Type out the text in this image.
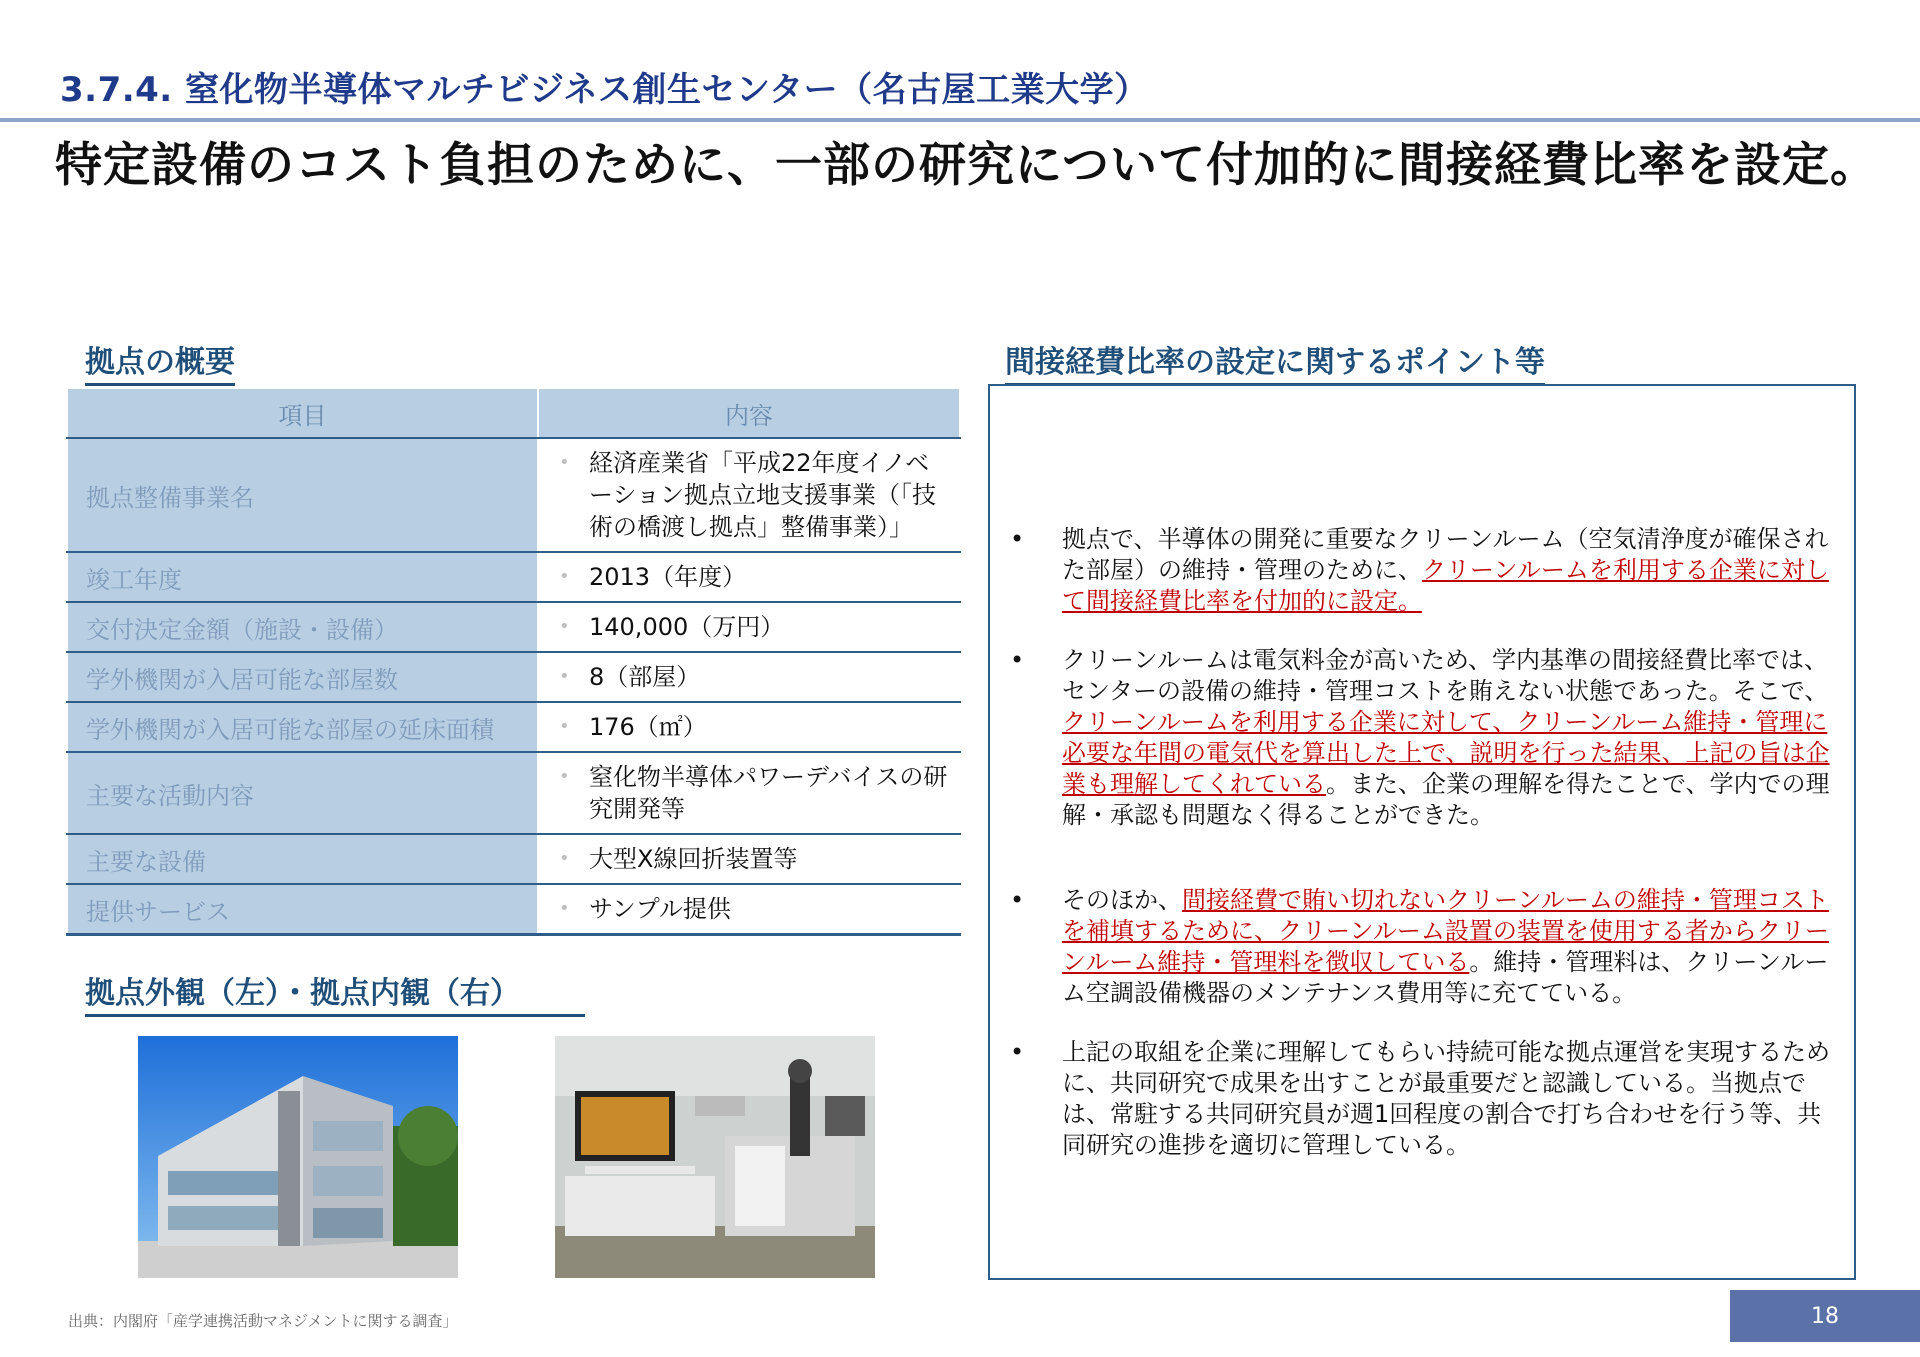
3.7.4. 窒化物半導体マルチビジネス創生センター（名古屋工業大学）
特定設備のコスト負担のために、一部の研究について付加的に間接経費比率を設定。
拠点の概要
項目	内容
拠点整備事業名	• 経済産業省「平成22年度イノベーション拠点立地支援事業（「技術の橋渡し拠点」整備事業）」

竣工年度	• 2013（年度）

交付決定金額（施設・設備）	• 140,000（万円）

学外機関が入居可能な部屋数	• 8（部屋）

学外機関が入居可能な部屋の延床面積	• 176（㎡）

主要な活動内容	• 窒化物半導体パワーデバイスの研究開発等

主要な設備	• 大型X線回折装置等

提供サービス	• サンプル提供
拠点外観（左）・拠点内観（右）
間接経費比率の設定に関するポイント等
•	拠点で、半導体の開発に重要なクリーンルーム（空気清浄度が確保された部屋）の維持・管理のために、クリーンルームを利用する企業に対して間接経費比率を付加的に設定。
•	クリーンルームは電気料金が高いため、学内基準の間接経費比率では、センターの設備の維持・管理コストを賄えない状態であった。そこで、クリーンルームを利用する企業に対して、クリーンルーム維持・管理に必要な年間の電気代を算出した上で、説明を行った結果、上記の旨は企業も理解してくれている。また、企業の理解を得たことで、学内での理解・承認も問題なく得ることができた。
•	そのほか、間接経費で賄い切れないクリーンルームの維持・管理コストを補填するために、クリーンルーム設置の装置を使用する者からクリーンルーム維持・管理料を徴収している。維持・管理料は、クリーンルーム空調設備機器のメンテナンス費用等に充てている。
•	上記の取組を企業に理解してもらい持続可能な拠点運営を実現するために、共同研究で成果を出すことが最重要だと認識している。当拠点では、常駐する共同研究員が週1回程度の割合で打ち合わせを行う等、共同研究の進捗を適切に管理している。
出典：内閣府「産学連携活動マネジメントに関する調査」	18
